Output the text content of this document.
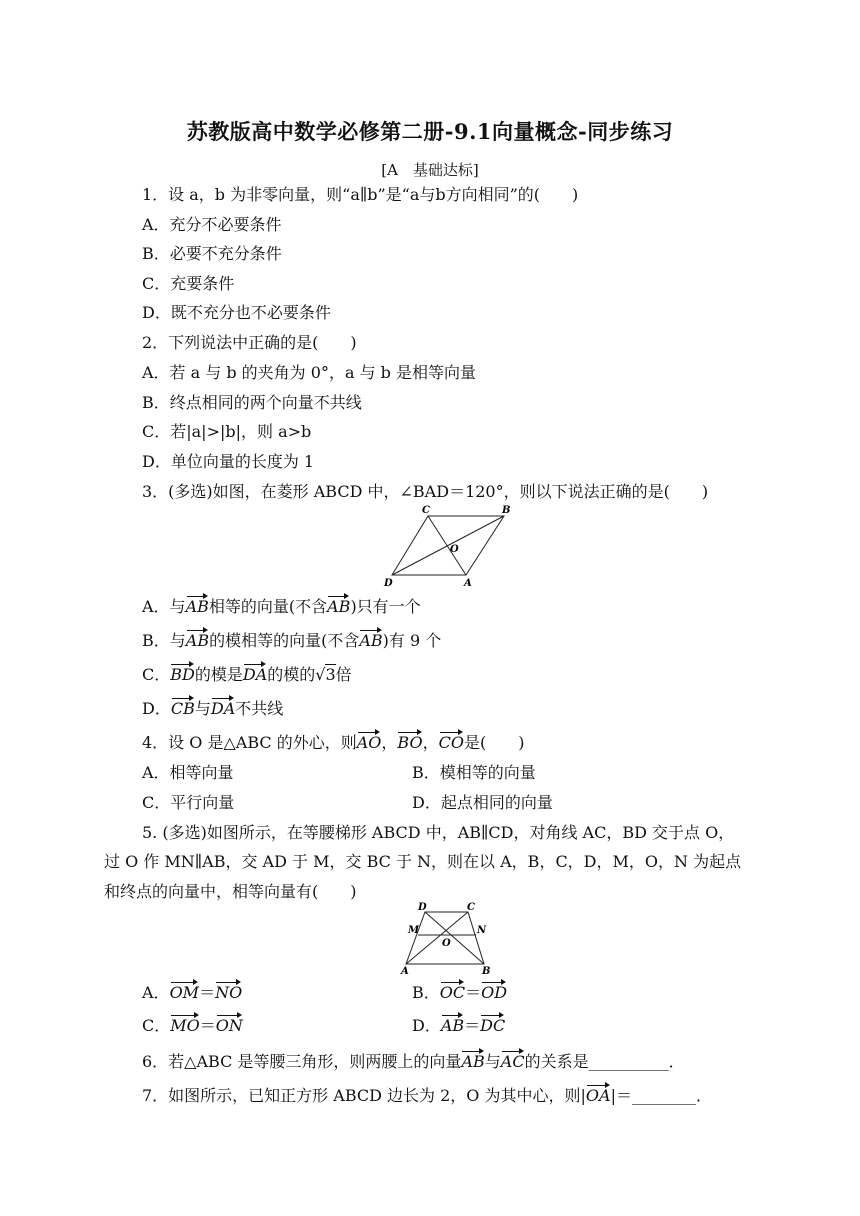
苏教版高中数学必修第二册-9.1向量概念-同步练习
[A　基础达标]
1．设 a，b 为非零向量，则“a∥b”是“a与b方向相同”的(　　)
A．充分不必要条件
B．必要不充分条件
C．充要条件
D．既不充分也不必要条件
2．下列说法中正确的是(　　)
A．若 a 与 b 的夹角为 0°，a 与 b 是相等向量
B．终点相同的两个向量不共线
C．若|a|>|b|，则 a>b
D．单位向量的长度为 1
3．(多选)如图，在菱形 ABCD 中，∠BAD＝120°，则以下说法正确的是(　　)
C	B
O
D	A
A．与AB相等的向量(不含AB)只有一个
B．与AB的模相等的向量(不含AB)有 9 个
C．BD的模是DA的模的√3倍
D．CB与DA不共线
4．设 O 是△ABC 的外心，则AO，BO，CO是(　　)
A．相等向量	B．模相等的向量
C．平行向量	D．起点相同的向量
5. (多选)如图所示，在等腰梯形 ABCD 中，AB∥CD，对角线 AC，BD 交于点 O，
过 O 作 MN∥AB，交 AD 于 M，交 BC 于 N，则在以 A，B，C，D，M，O，N 为起点
和终点的向量中，相等向量有(　　)
D	C
M	N
O
A	B
A．OM＝NO	B．OC＝OD
C．MO＝ON	D．AB＝DC
6．若△ABC 是等腰三角形，则两腰上的向量AB与AC的关系是__________．
7．如图所示，已知正方形 ABCD 边长为 2，O 为其中心，则|OA|＝________．
